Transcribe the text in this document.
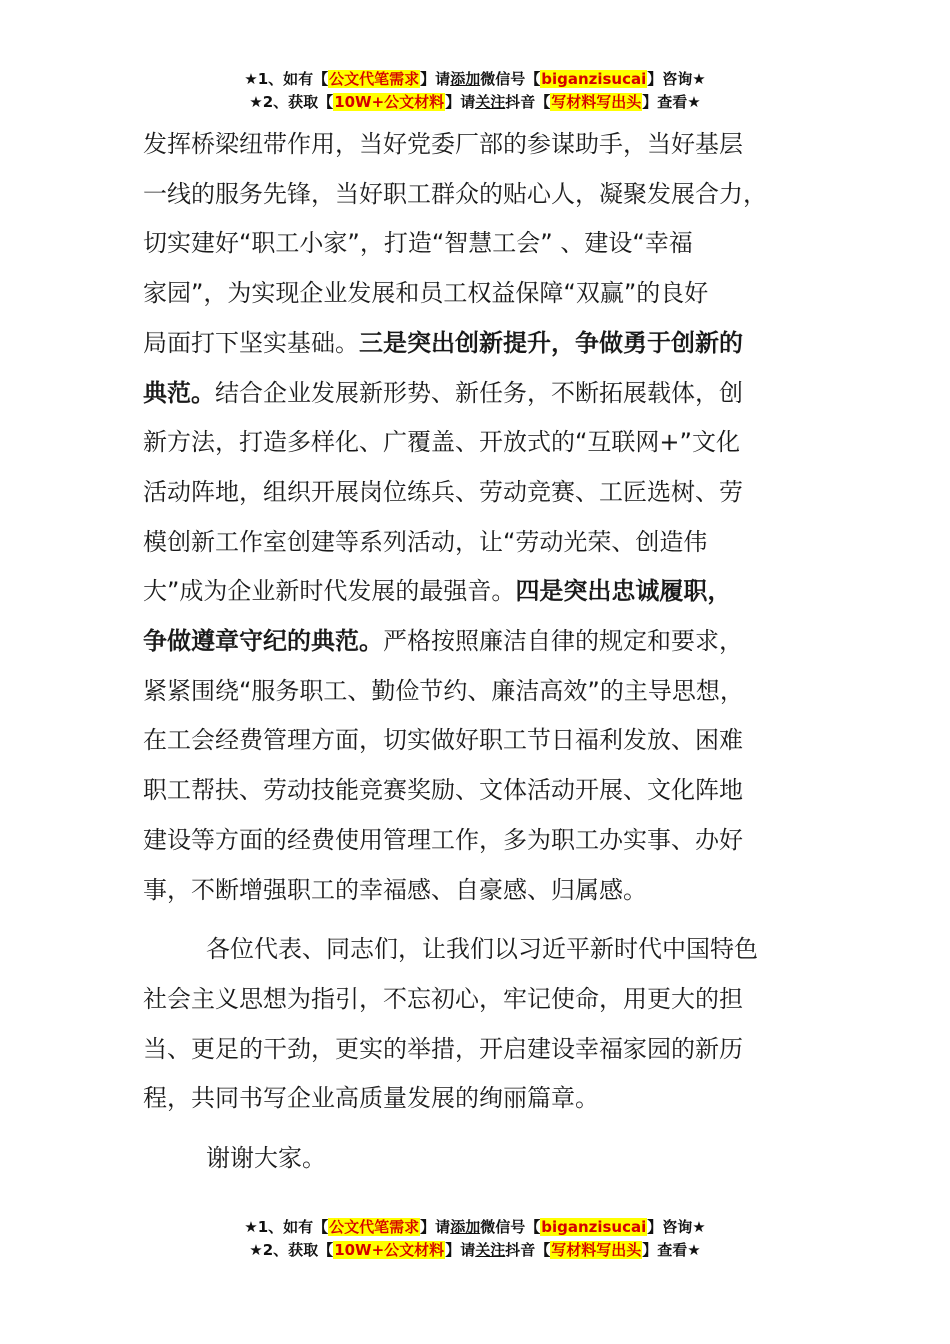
★1、如有【公文代笔需求】请添加微信号【biganzisucai】咨询★
★2、获取【10W+公文材料】请关注抖音【写材料写出头】查看★

发挥桥梁纽带作用，当好党委厂部的参谋助手，当好基层
一线的服务先锋，当好职工群众的贴心人，凝聚发展合力，
切实建好“职工小家”，打造“智慧工会” 、建设“幸福
家园”，为实现企业发展和员工权益保障“双赢”的良好
局面打下坚实基础。三是突出创新提升，争做勇于创新的
典范。结合企业发展新形势、新任务，不断拓展载体，创
新方法，打造多样化、广覆盖、开放式的“互联网+”文化
活动阵地，组织开展岗位练兵、劳动竞赛、工匠选树、劳
模创新工作室创建等系列活动，让“劳动光荣、创造伟
大”成为企业新时代发展的最强音。四是突出忠诚履职，
争做遵章守纪的典范。严格按照廉洁自律的规定和要求，
紧紧围绕“服务职工、勤俭节约、廉洁高效”的主导思想，
在工会经费管理方面，切实做好职工节日福利发放、困难
职工帮扶、劳动技能竞赛奖励、文体活动开展、文化阵地
建设等方面的经费使用管理工作，多为职工办实事、办好
事，不断增强职工的幸福感、自豪感、归属感。

各位代表、同志们，让我们以习近平新时代中国特色
社会主义思想为指引，不忘初心，牢记使命，用更大的担
当、更足的干劲，更实的举措，开启建设幸福家园的新历
程，共同书写企业高质量发展的绚丽篇章。

谢谢大家。

★1、如有【公文代笔需求】请添加微信号【biganzisucai】咨询★
★2、获取【10W+公文材料】请关注抖音【写材料写出头】查看★
